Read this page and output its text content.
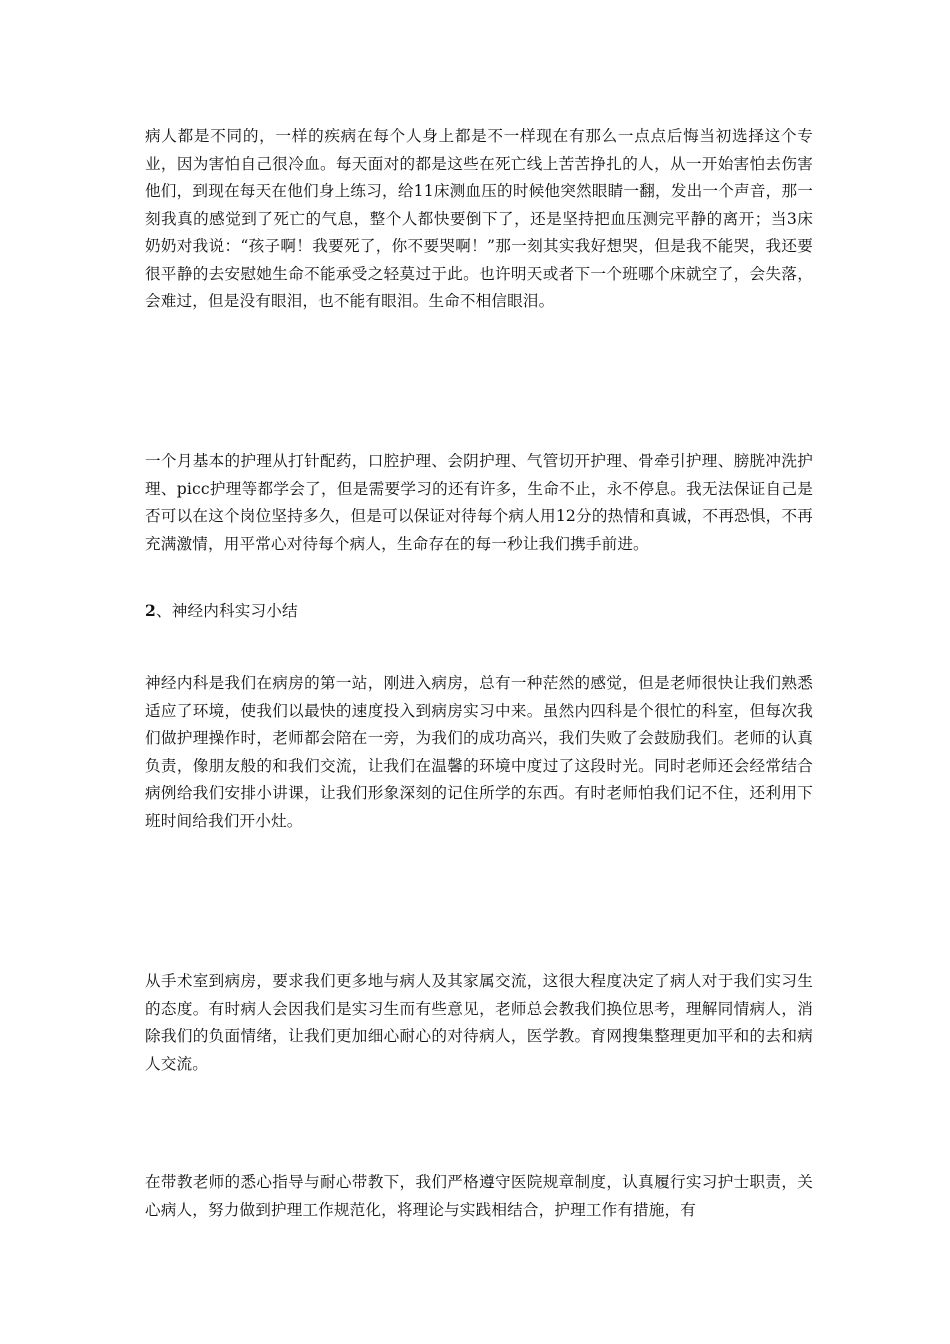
病人都是不同的，一样的疾病在每个人身上都是不一样现在有那么一点点后悔当初选择这个专业，因为害怕自己很冷血。每天面对的都是这些在死亡线上苦苦挣扎的人，从一开始害怕去伤害他们，到现在每天在他们身上练习，给11床测血压的时候他突然眼睛一翻，发出一个声音，那一刻我真的感觉到了死亡的气息，整个人都快要倒下了，还是坚持把血压测完平静的离开；当3床奶奶对我说：“孩子啊！我要死了，你不要哭啊！”那一刻其实我好想哭，但是我不能哭，我还要很平静的去安慰她生命不能承受之轻莫过于此。也许明天或者下一个班哪个床就空了，会失落，会难过，但是没有眼泪，也不能有眼泪。生命不相信眼泪。

一个月基本的护理从打针配药，口腔护理、会阴护理、气管切开护理、骨牵引护理、膀胱冲洗护理、picc护理等都学会了，但是需要学习的还有许多，生命不止，永不停息。我无法保证自己是否可以在这个岗位坚持多久，但是可以保证对待每个病人用12分的热情和真诚，不再恐惧，不再充满激情，用平常心对待每个病人，生命存在的每一秒让我们携手前进。

2、神经内科实习小结

神经内科是我们在病房的第一站，刚进入病房，总有一种茫然的感觉，但是老师很快让我们熟悉适应了环境，使我们以最快的速度投入到病房实习中来。虽然内四科是个很忙的科室，但每次我们做护理操作时，老师都会陪在一旁，为我们的成功高兴，我们失败了会鼓励我们。老师的认真负责，像朋友般的和我们交流，让我们在温馨的环境中度过了这段时光。同时老师还会经常结合病例给我们安排小讲课，让我们形象深刻的记住所学的东西。有时老师怕我们记不住，还利用下班时间给我们开小灶。

从手术室到病房，要求我们更多地与病人及其家属交流，这很大程度决定了病人对于我们实习生的态度。有时病人会因我们是实习生而有些意见，老师总会教我们换位思考，理解同情病人，消除我们的负面情绪，让我们更加细心耐心的对待病人，医学教。育网搜集整理更加平和的去和病人交流。

在带教老师的悉心指导与耐心带教下，我们严格遵守医院规章制度，认真履行实习护士职责，关心病人，努力做到护理工作规范化，将理论与实践相结合，护理工作有措施，有
